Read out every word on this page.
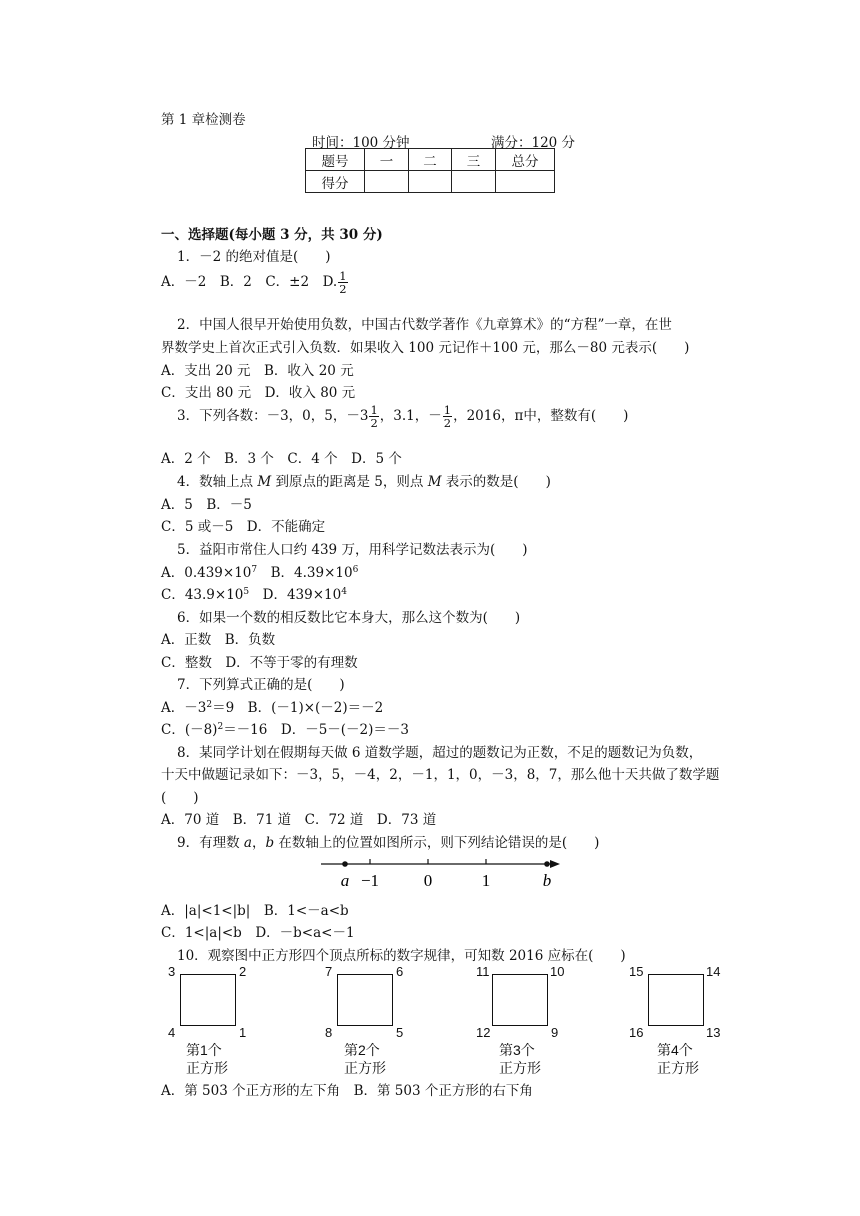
第 1 章检测卷
时间：100 分钟	满分：120 分
题号	一	二	三	总分
得分				
一、选择题(每小题 3 分，共 30 分)
1．－2 的绝对值是(　　)
A．－2　B．2　C．±2　D. $\frac{1}{2}$
2．中国人很早开始使用负数，中国古代数学著作《九章算术》的“方程”一章，在世
界数学史上首次正式引入负数．如果收入 100 元记作＋100 元，那么－80 元表示(　　)
A．支出 20 元　B．收入 20 元
C．支出 80 元　D．收入 80 元
3．下列各数：－3，0，5，$-3 \frac{1}{2}$ ，3.1，－ $\frac{1}{2}$ ，2016，π中，整数有(　　)
A．2 个　B．3 个　C．4 个　D．5 个
4．数轴上点 M 到原点的距离是 5，则点 M 表示的数是(　　)
A．5　B．－5
C．5 或－5　D．不能确定
5．益阳市常住人口约 439 万，用科学记数法表示为(　　)
A．$0.439\times 10^7$　B．$4.39\times 10^6$
C．$43.9\times 10^5$　D．$439\times 10^4$
6．如果一个数的相反数比它本身大，那么这个数为(　　)
A．正数　B．负数
C．整数　D．不等于零的有理数
7．下列算式正确的是(　　)
A．$-3^2=9$　B．(－1)×(－2)＝－2
C．$(-8)^2=-16$　D．－5－(－2)＝－3
8．某同学计划在假期每天做 6 道数学题，超过的题数记为正数，不足的题数记为负数，
十天中做题记录如下：－3，5，－4，2，－1，1，0，－3，8，7，那么他十天共做了数学题
(　　)
A．70 道　B．71 道　C．72 道　D．73 道
9．有理数 a，b 在数轴上的位置如图所示，则下列结论错误的是(　　)
a −1	0	1	b
A．|a|<1<|b|　B．1<－a<b
C．1<|a|<b　D．－b<a<－1
10．观察图中正方形四个顶点所标的数字规律，可知数 2016 应标在(　　)
3	2
4	1
第1个
正方形
7	6
8	5
第2个
正方形
11	10
12	9
第3个
正方形
15	14
16	13
第4个
正方形
A．第 503 个正方形的左下角　B．第 503 个正方形的右下角
